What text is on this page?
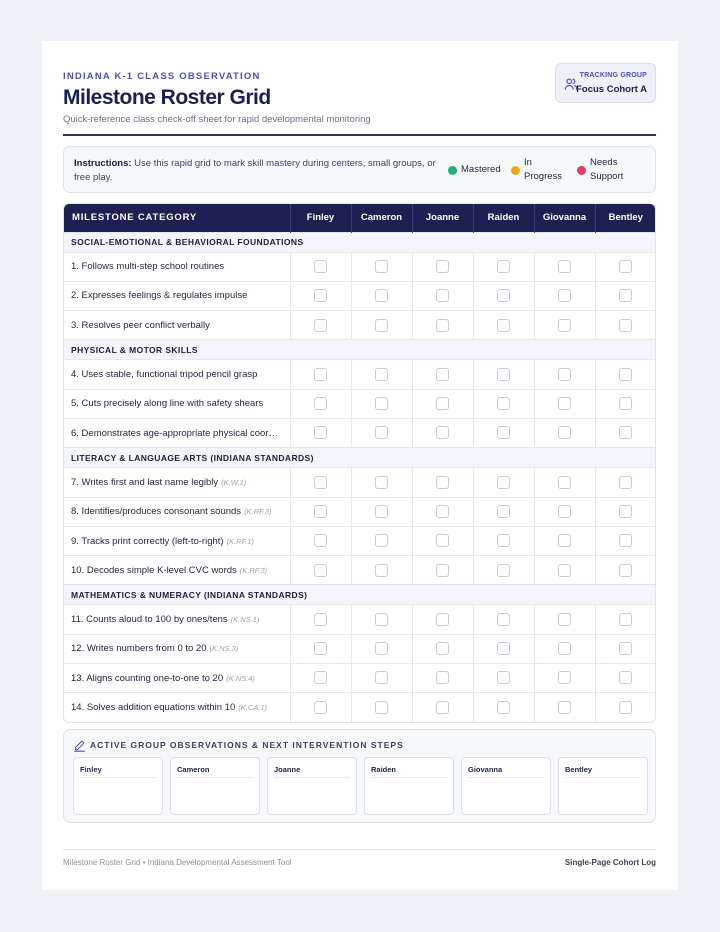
INDIANA K-1 CLASS OBSERVATION
Milestone Roster Grid
Quick-reference class check-off sheet for rapid developmental monitoring
TRACKING GROUP
Focus Cohort A
Instructions: Use this rapid grid to mark skill mastery during centers, small groups, or free play.
Mastered
In Progress
Needs Support
MILESTONE CATEGORY	Finley	Cameron	Joanne	Raiden	Giovanna	Bentley
SOCIAL-EMOTIONAL & BEHAVIORAL FOUNDATIONS						
1. Follows multi-step school routines						
2. Expresses feelings & regulates impulse						
3. Resolves peer conflict verbally						
PHYSICAL & MOTOR SKILLS						
4. Uses stable, functional tripod pencil grasp						
5. Cuts precisely along line with safety shears						
6. Demonstrates age-appropriate physical coor…						
LITERACY & LANGUAGE ARTS (INDIANA STANDARDS)						
7. Writes first and last name legibly (K.W.1)						
8. Identifies/produces consonant sounds (K.RF.3)						
9. Tracks print correctly (left-to-right) (K.RF.1)						
10. Decodes simple K-level CVC words (K.RF.3)						
MATHEMATICS & NUMERACY (INDIANA STANDARDS)						
11. Counts aloud to 100 by ones/tens (K.NS.1)						
12. Writes numbers from 0 to 20 (K.NS.3)						
13. Aligns counting one-to-one to 20 (K.NS.4)						
14. Solves addition equations within 10 (K.CA.1)						
ACTIVE GROUP OBSERVATIONS & NEXT INTERVENTION STEPS
Finley	Cameron	Joanne	Raiden	Giovanna	Bentley
Milestone Roster Grid • Indiana Developmental Assessment Tool	Single-Page Cohort Log
